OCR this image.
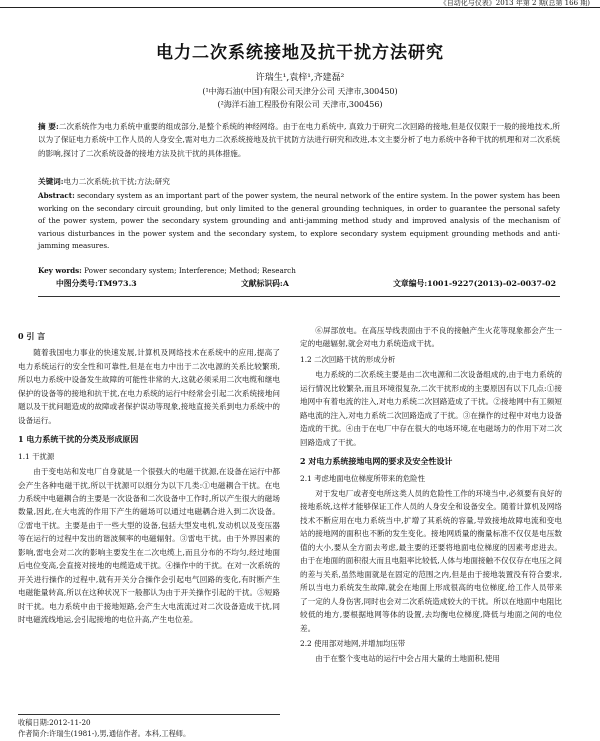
《自动化与仪表》2013 年第 2 期(总第 166 期)
电力二次系统接地及抗干扰方法研究
许瑞生¹,袁梓¹,齐建磊²
(¹中海石油(中国)有限公司天津分公司 天津市,300450)
(²海洋石油工程股份有限公司 天津市,300456)
摘 要:二次系统作为电力系统中重要的组成部分,是整个系统的神经网络。由于在电力系统中, 真致力于研究二次回路的接地,但是仅仅限于一般的接地技术,所以为了保证电力系统中工作人员的人身安全,需对电力二次系统接地及抗干扰防方法进行研究和改进,本文主要分析了电力系统中各种干扰的机理和对二次系统的影响,探讨了二次系统设备的接地方法及抗干扰的具体措施。
关键词:电力二次系统;抗干扰;方法;研究
Abstract: secondary system as an important part of the power system, the neural network of the entire system. In the power system has been working on the secondary circuit grounding, but only limited to the general grounding techniques, in order to guarantee the personal safety of the power system, power the secondary system grounding and anti-jamming method study and improved analysis of the mechanism of various disturbances in the power system and the secondary system, to explore secondary system equipment grounding methods and anti-jamming measures.
Key words: Power secondary system; Interference; Method; Research
中图分类号:TM973.3	文献标识码:A	文章编号:1001-9227(2013)-02-0037-02
0 引 言

随着我国电力事业的快速发展,计算机及网络技术在系统中的应用,提高了电力系统运行的安全性和可靠性,但是在电力中出于二次电源的关系比较繁琐,所以电力系统中设备发生故障的可能性非常的大,这就必须采用二次电缆和继电保护的设备等的接地和抗干扰,在电力系统的运行中经常会引起二次系统接地问题以及干扰问题造成的故障或者保护误动等现象,接地直接关系到电力系统中的设备运行。

1 电力系统干扰的分类及形成原因
1.1 干扰源

由于变电站和发电厂自身就是一个很强大的电磁干扰源,在设备在运行中都会产生各种电磁干扰,所以干扰源可以细分为以下几类:①电磁耦合干扰。在电力系统中电磁耦合的主要是一次设备和二次设备中工作时,所以产生很大的磁场数量,因此,在大电流的作用下产生的磁场可以通过电磁耦合进入到二次设备。②雷电干扰。主要是由于一些大型的设备,包括大型发电机,发动机以及变压器等在运行的过程中发出的谐波频率的电磁辐射。③雷电干扰。由于外界因素的影响,雷电会对二次的影响主要发生在二次电缆上,而且分布的不均匀,经过地面后电位变高,会直接对接地的电缆造成干扰。④操作中的干扰。在对一次系统的开关进行操作的过程中,就有开关分合操作会引起电气回路的变化,有时断产生电磁能量转高,所以在这种状况下一般都认为由于开关操作引起的干扰。⑤短路时干扰。电力系统中由于接地短路,会产生大电流流过对二次设备造成干扰,同时电磁流线地运,会引起接地的电位升高,产生电位差。

⑥屏部放电。在高压导线表面由于不良的接触产生火花等现象都会产生一定的电磁辐射,就会对电力系统造成干扰。

1.2 二次回路干扰的形成分析

电力系统的二次系统主要是由二次电源和二次设备组成的,由于电力系统的运行情况比较繁杂,而且环境很复杂,二次干扰形成的主要原因有以下几点:①接地网中有着电流的注入,对电力系统二次回路造成了干扰。②接地网中有工频短路电流的注入,对电力系统二次回路造成了干扰。③在操作的过程中对电力设备造成的干扰。④由于在电厂中存在很大的电场环境,在电磁场力的作用下对二次回路造成了干扰。

2 对电力系统接地电网的要求及安全性设计
2.1 考虑地面电位梯度所带来的危险性

对于发电厂或者变电所这类人员的危险性工作的环境当中,必须要有良好的接地系统,这样才能够保证工作人员的人身安全和设备安全。随着计算机及网络技术不断应用在电力系统当中,扩增了其系统的容量,导致接地故障电流和变电站的接地网的面积也不断的发生变化。接地网质量的衡量标准不仅仅是电压数值的大小,要从全方面去考虑,最主要的还要将地面电位梯度的因素考虑进去。由于在地面的面积很大而且电阻率比较低,人体与地面接触不仅仅存在电压之间的差与关系,虽然地面就是在固定的范围之内,但是由于接地装置没有符合要求,所以当电力系统发生故障,就会在地面上形成很高的电位梯度,给工作人员带来了一定的人身伤害,同时也会对二次系统造成较大的干扰。所以在地面中电阻比较低的地方,要根据地网等体的设置,去均衡电位梯度,降低与地面之间的电位差。

2.2 使用部对地网,并增加均压带

由于在整个变电站的运行中会占用大量的土地面积,使用

收稿日期:2012-11-20
作者简介:许瑞生(1981-),男,通信作者。本科,工程师。
